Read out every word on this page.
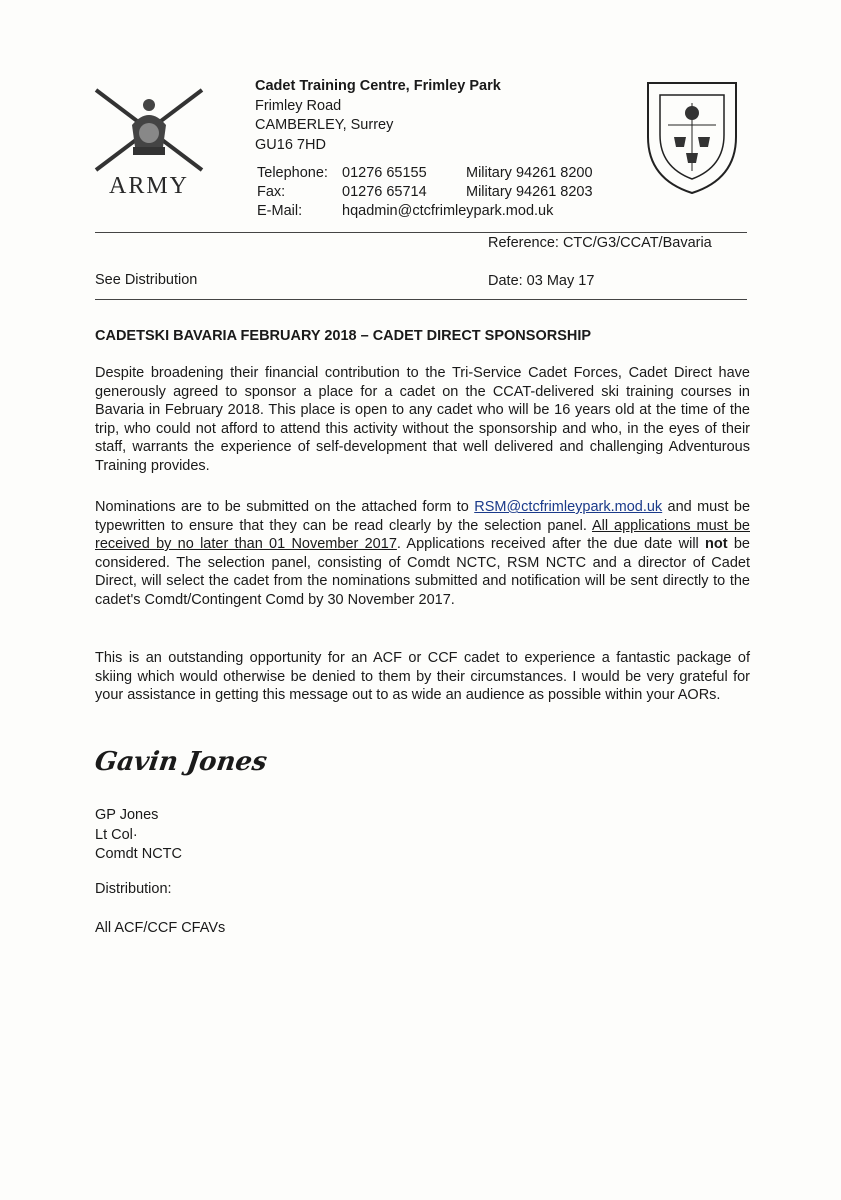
ARMY
Cadet Training Centre, Frimley Park
Frimley Road
CAMBERLEY, Surrey
GU16 7HD
Telephone: 01276 65155	Military 94261 8200
Fax:	01276 65714	Military 94261 8203
E-Mail:	hqadmin@ctcfrimleypark.mod.uk
Reference: CTC/G3/CCAT/Bavaria
See Distribution	Date: 03 May 17
CADETSKI BAVARIA FEBRUARY 2018 – CADET DIRECT SPONSORSHIP
Despite broadening their financial contribution to the Tri-Service Cadet Forces, Cadet Direct have generously agreed to sponsor a place for a cadet on the CCAT-delivered ski training courses in Bavaria in February 2018. This place is open to any cadet who will be 16 years old at the time of the trip, who could not afford to attend this activity without the sponsorship and who, in the eyes of their staff, warrants the experience of self-development that well delivered and challenging Adventurous Training provides.
Nominations are to be submitted on the attached form to RSM@ctcfrimleypark.mod.uk and must be typewritten to ensure that they can be read clearly by the selection panel. All applications must be received by no later than 01 November 2017. Applications received after the due date will not be considered. The selection panel, consisting of Comdt NCTC, RSM NCTC and a director of Cadet Direct, will select the cadet from the nominations submitted and notification will be sent directly to the cadet's Comdt/Contingent Comd by 30 November 2017.
This is an outstanding opportunity for an ACF or CCF cadet to experience a fantastic package of skiing which would otherwise be denied to them by their circumstances. I would be very grateful for your assistance in getting this message out to as wide an audience as possible within your AORs.
Gavin Jones
GP Jones
Lt Col·
Comdt NCTC
Distribution:
All ACF/CCF CFAVs
